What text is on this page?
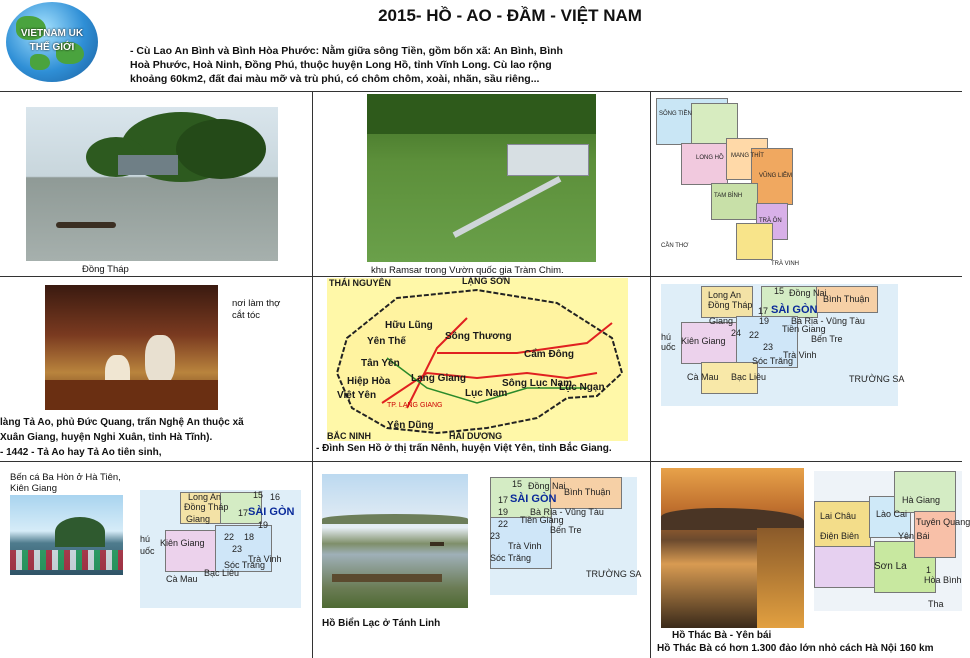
VIETNAM UK
THẾ GIỚI
2015- HỒ - AO - ĐẦM - VIỆT NAM
- Cù Lao An Bình và Bình Hòa Phước: Nằm giữa sông Tiền, gồm bốn xã: An Bình, Bình
Hoà Phước, Hoà Ninh, Đồng Phú, thuộc huyện Long Hồ, tỉnh Vĩnh Long. Cù lao rộng
khoảng 60km2, đất đai màu mỡ và trù phú, có chôm chôm, xoài, nhãn, sầu riêng...
Đồng Tháp	khu Ramsar trong Vườn quốc gia Tràm Chim.
SÔNG TIỀN
LONG HỒ MANG THÍT
TAM BÌNH
VŨNG LIÊM
TRÀ ÔN
CẦN THƠ
TRÀ VINH
nơi làm thợ cắt tóc
làng Tả Ao, phủ Đức Quang, trấn Nghệ An thuộc xã
Xuân Giang, huyện Nghi Xuân, tỉnh Hà Tĩnh).
- 1442 - Tả Ao hay Tả Ao tiên sinh,
THÁI NGUYÊN	LẠNG SƠN
Hữu Lũng
Yên Thế	Sông Thương
Cẩm Đông
Tân Yên
Hiệp Hòa Lạng Giang	Sông Lục Nam
Lục Ngạn
Lục Nam
Việt Yên
TP. LẠNG GIANG
Yên Dũng
BẮC NINH	HẢI DƯƠNG
- Đình Sen Hồ ở thị trấn Nênh, huyện Việt Yên, tỉnh Bắc Giang.
Long An
Đồng Tháp
15 Đồng Nai
Bình Thuận
17 SÀI GÒN
Bà Rịa - Vũng Tàu
Giang	19
Tiền Giang
24 22	Bến Tre
hú
uốc
Kiên Giang
23
Trà Vinh
Sóc Trăng
Cà Mau Bạc Liêu	TRƯỜNG SA
Bến cá Ba Hòn ở Hà Tiên,
Kiên Giang
Long An
Đồng Tháp
Giang
15 16
17 SÀI GÒN
19
hú
uốc
Kiên Giang
22 18
23
Trà Vinh
Sóc Trăng
Cà Mau
Bạc Liêu
Hồ Biển Lạc ở Tánh Linh
15 Đồng Nai
Bình Thuận
17 SÀI GÒN
Bà Rịa - Vũng Tàu
19
Tiền Giang
22
Bến Tre
23
Trà Vinh
Sóc Trăng
TRƯỜNG SA
Hà Giang
Lai Châu Lào Cai
Tuyên Quang
Điện Biên	Yên Bái
Sơn La 1
Hòa Bình
Tha
Hồ Thác Bà - Yên bái
Hồ Thác Bà có hơn 1.300 đảo lớn nhỏ cách Hà Nội 160 km
